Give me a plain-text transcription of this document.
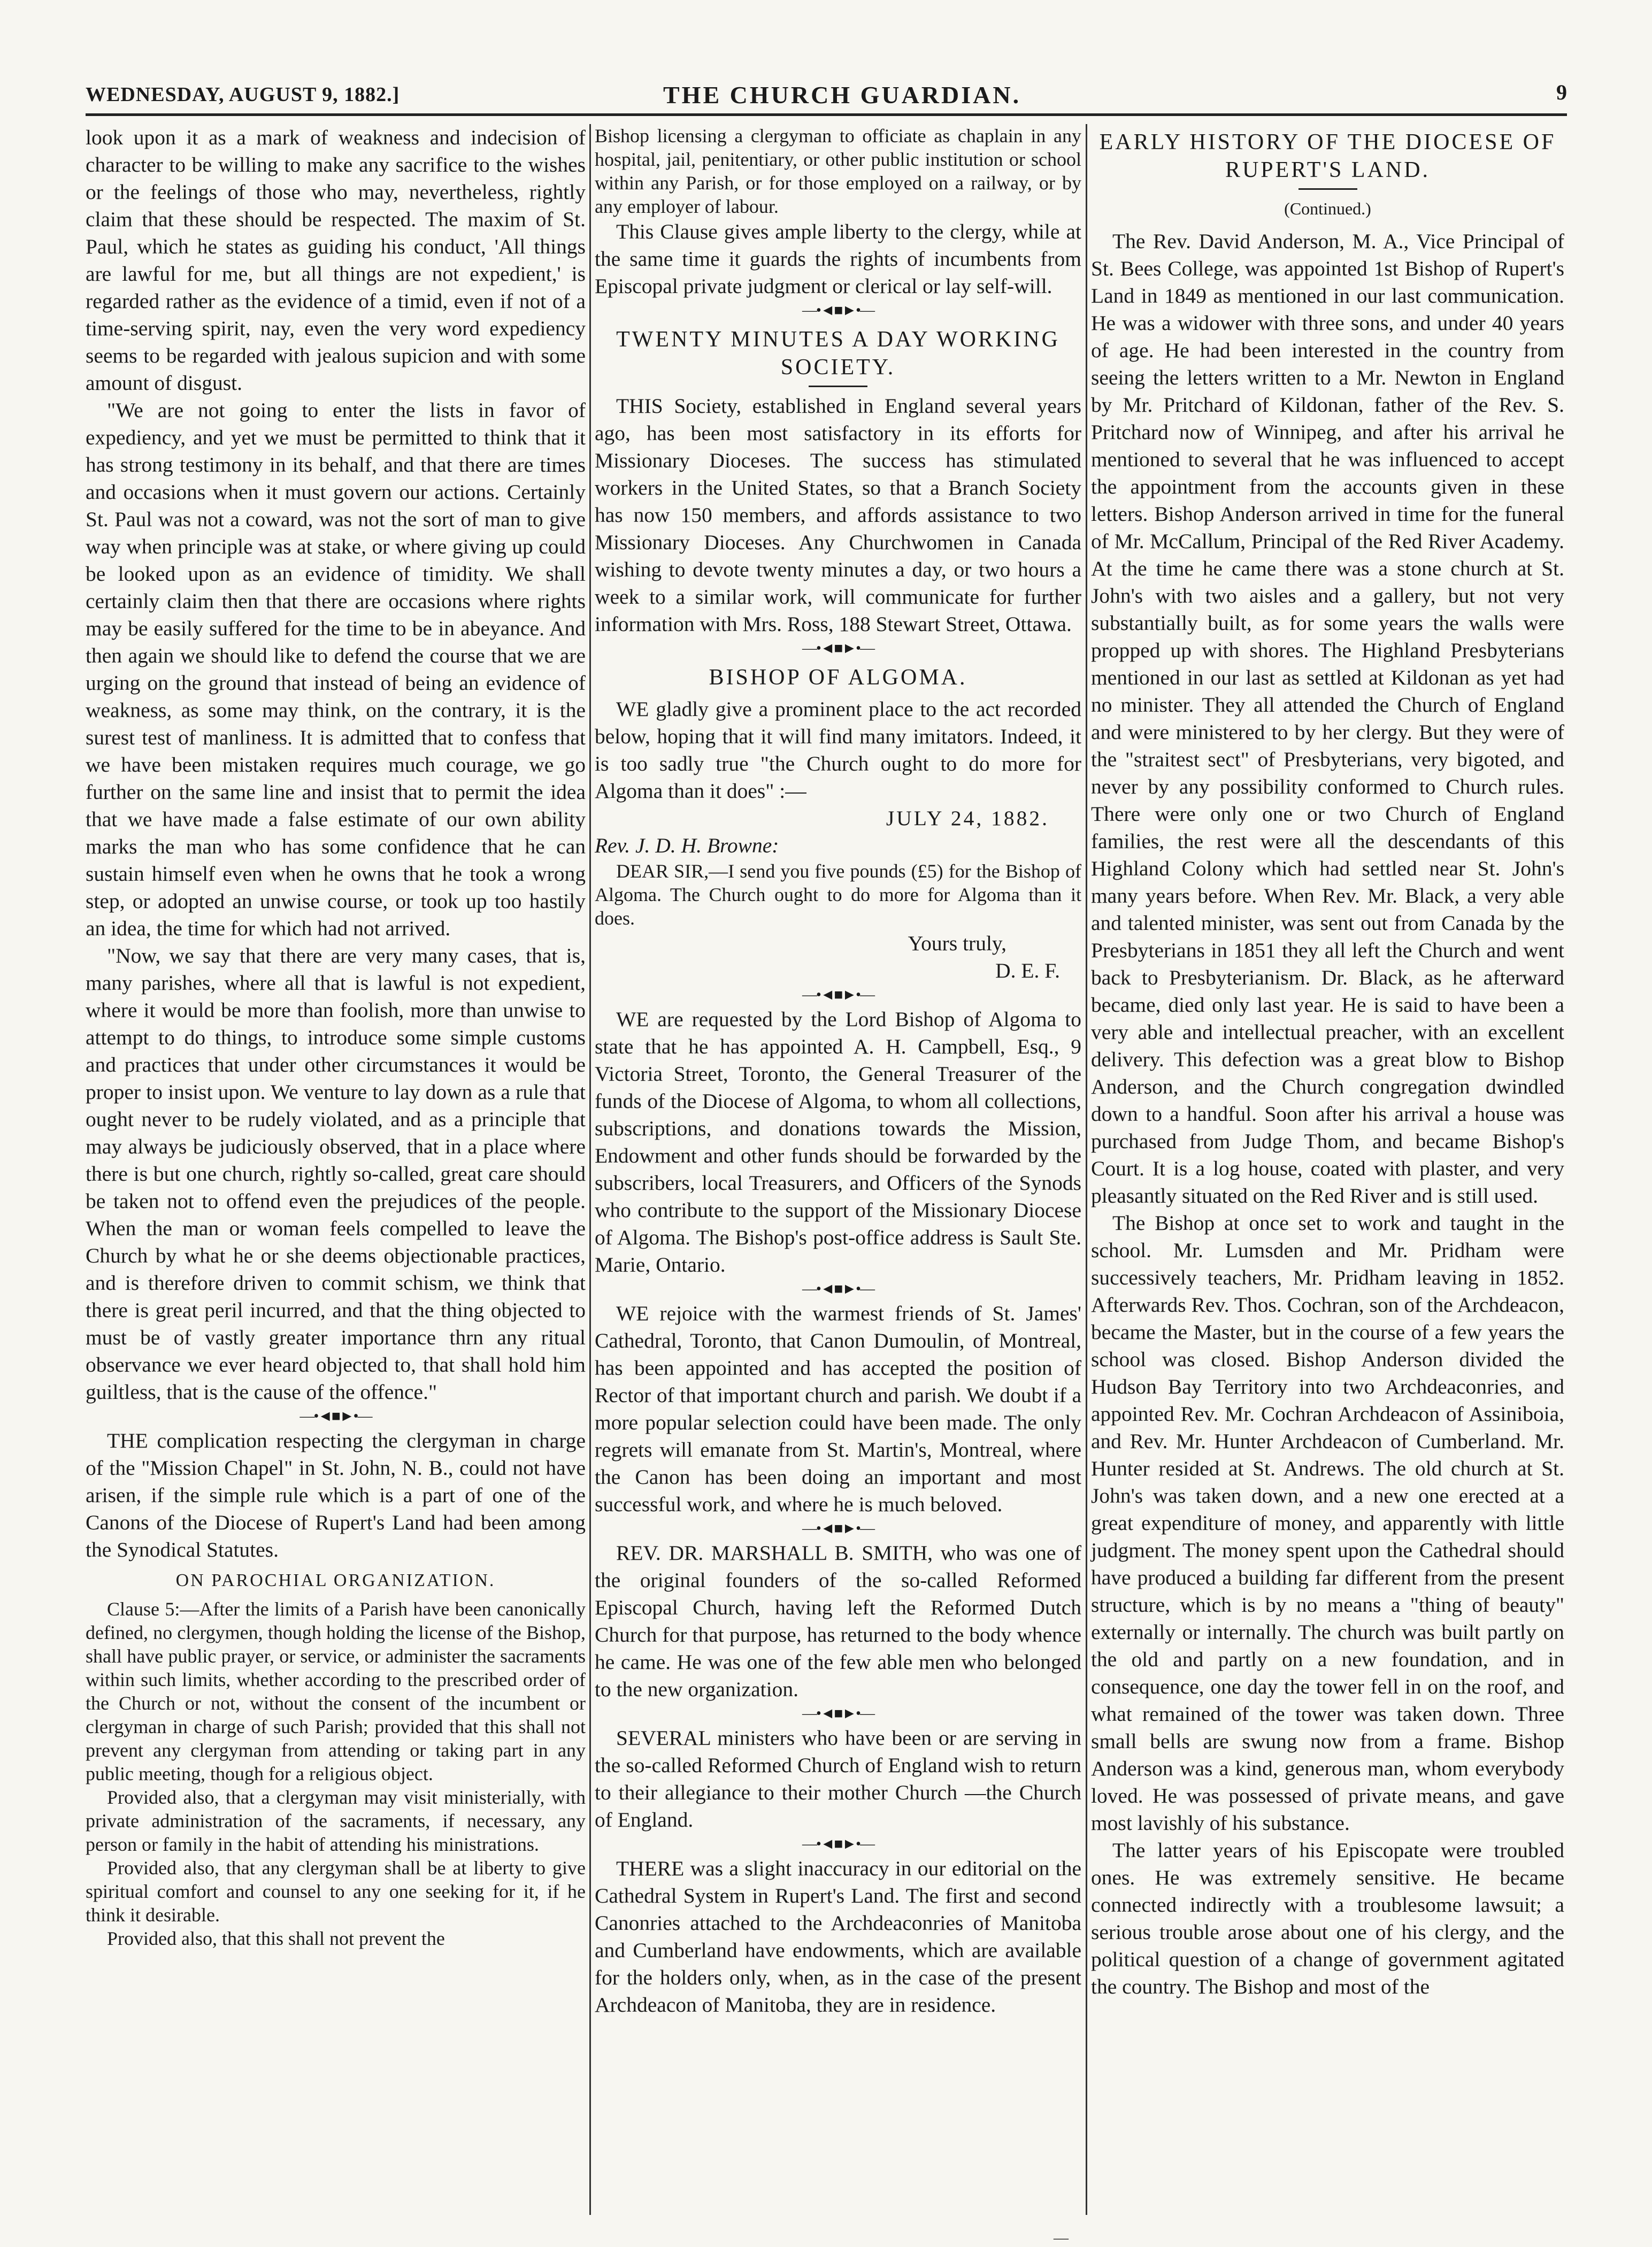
WEDNESDAY, AUGUST 9, 1882.]	THE CHURCH GUARDIAN.	9

look upon it as a mark of weakness and indecision of character to be willing to make any sacrifice to the wishes or the feelings of those who may, nevertheless, rightly claim that these should be respected. The maxim of St. Paul, which he states as guiding his conduct, 'All things are lawful for me, but all things are not expedient,' is regarded rather as the evidence of a timid, even if not of a time-serving spirit, nay, even the very word expediency seems to be regarded with jealous supicion and with some amount of disgust.

"We are not going to enter the lists in favor of expediency, and yet we must be permitted to think that it has strong testimony in its behalf, and that there are times and occasions when it must govern our actions. Certainly St. Paul was not a coward, was not the sort of man to give way when principle was at stake, or where giving up could be looked upon as an evidence of timidity. We shall certainly claim then that there are occasions where rights may be easily suffered for the time to be in abeyance. And then again we should like to defend the course that we are urging on the ground that instead of being an evidence of weakness, as some may think, on the contrary, it is the surest test of manliness. It is admitted that to confess that we have been mistaken requires much courage, we go further on the same line and insist that to permit the idea that we have made a false estimate of our own ability marks the man who has some confidence that he can sustain himself even when he owns that he took a wrong step, or adopted an unwise course, or took up too hastily an idea, the time for which had not arrived.

"Now, we say that there are very many cases, that is, many parishes, where all that is lawful is not expedient, where it would be more than foolish, more than unwise to attempt to do things, to introduce some simple customs and practices that under other circumstances it would be proper to insist upon. We venture to lay down as a rule that ought never to be rudely violated, and as a principle that may always be judiciously observed, that in a place where there is but one church, rightly so-called, great care should be taken not to offend even the prejudices of the people. When the man or woman feels compelled to leave the Church by what he or she deems objectionable practices, and is therefore driven to commit schism, we think that there is great peril incurred, and that the thing objected to must be of vastly greater importance thrn any ritual observance we ever heard objected to, that shall hold him guiltless, that is the cause of the offence."

—•◄■►•—

THE complication respecting the clergyman in charge of the "Mission Chapel" in St. John, N. B., could not have arisen, if the simple rule which is a part of one of the Canons of the Diocese of Rupert's Land had been among the Synodical Statutes.

ON PAROCHIAL ORGANIZATION.

Clause 5:—After the limits of a Parish have been canonically defined, no clergymen, though holding the license of the Bishop, shall have public prayer, or service, or administer the sacraments within such limits, whether according to the prescribed order of the Church or not, without the consent of the incumbent or clergyman in charge of such Parish; provided that this shall not prevent any clergyman from attending or taking part in any public meeting, though for a religious object.

Provided also, that a clergyman may visit ministerially, with private administration of the sacraments, if necessary, any person or family in the habit of attending his ministrations.

Provided also, that any clergyman shall be at liberty to give spiritual comfort and counsel to any one seeking for it, if he think it desirable.

Provided also, that this shall not prevent the

Bishop licensing a clergyman to officiate as chaplain in any hospital, jail, penitentiary, or other public institution or school within any Parish, or for those employed on a railway, or by any employer of labour.

This Clause gives ample liberty to the clergy, while at the same time it guards the rights of incumbents from Episcopal private judgment or clerical or lay self-will.

—•◄■►•—
TWENTY MINUTES A DAY WORKING SOCIETY.

THIS Society, established in England several years ago, has been most satisfactory in its efforts for Missionary Dioceses. The success has stimulated workers in the United States, so that a Branch Society has now 150 members, and affords assistance to two Missionary Dioceses. Any Churchwomen in Canada wishing to devote twenty minutes a day, or two hours a week to a similar work, will communicate for further information with Mrs. Ross, 188 Stewart Street, Ottawa.

—•◄■►•—
BISHOP OF ALGOMA.

WE gladly give a prominent place to the act recorded below, hoping that it will find many imitators. Indeed, it is too sadly true "the Church ought to do more for Algoma than it does" :—

JULY 24, 1882.

Rev. J. D. H. Browne:

DEAR SIR,—I send you five pounds (£5) for the Bishop of Algoma. The Church ought to do more for Algoma than it does.

Yours truly,

D. E. F.

—•◄■►•—

WE are requested by the Lord Bishop of Algoma to state that he has appointed A. H. Campbell, Esq., 9 Victoria Street, Toronto, the General Treasurer of the funds of the Diocese of Algoma, to whom all collections, subscriptions, and donations towards the Mission, Endowment and other funds should be forwarded by the subscribers, local Treasurers, and Officers of the Synods who contribute to the support of the Missionary Diocese of Algoma. The Bishop's post-office address is Sault Ste. Marie, Ontario.

—•◄■►•—

WE rejoice with the warmest friends of St. James' Cathedral, Toronto, that Canon Dumoulin, of Montreal, has been appointed and has accepted the position of Rector of that important church and parish. We doubt if a more popular selection could have been made. The only regrets will emanate from St. Martin's, Montreal, where the Canon has been doing an important and most successful work, and where he is much beloved.

—•◄■►•—

REV. DR. MARSHALL B. SMITH, who was one of the original founders of the so-called Reformed Episcopal Church, having left the Reformed Dutch Church for that purpose, has returned to the body whence he came. He was one of the few able men who belonged to the new organization.

—•◄■►•—

SEVERAL ministers who have been or are serving in the so-called Reformed Church of England wish to return to their allegiance to their mother Church —the Church of England.

—•◄■►•—

THERE was a slight inaccuracy in our editorial on the Cathedral System in Rupert's Land. The first and second Canonries attached to the Archdeaconries of Manitoba and Cumberland have endowments, which are available for the holders only, when, as in the case of the present Archdeacon of Manitoba, they are in residence.

EARLY HISTORY OF THE DIOCESE OF RUPERT'S LAND.
(Continued.)

The Rev. David Anderson, M. A., Vice Principal of St. Bees College, was appointed 1st Bishop of Rupert's Land in 1849 as mentioned in our last communication. He was a widower with three sons, and under 40 years of age. He had been interested in the country from seeing the letters written to a Mr. Newton in England by Mr. Pritchard of Kildonan, father of the Rev. S. Pritchard now of Winnipeg, and after his arrival he mentioned to several that he was influenced to accept the appointment from the accounts given in these letters. Bishop Anderson arrived in time for the funeral of Mr. McCallum, Principal of the Red River Academy. At the time he came there was a stone church at St. John's with two aisles and a gallery, but not very substantially built, as for some years the walls were propped up with shores. The Highland Presbyterians mentioned in our last as settled at Kildonan as yet had no minister. They all attended the Church of England and were ministered to by her clergy. But they were of the "straitest sect" of Presbyterians, very bigoted, and never by any possibility conformed to Church rules. There were only one or two Church of England families, the rest were all the descendants of this Highland Colony which had settled near St. John's many years before. When Rev. Mr. Black, a very able and talented minister, was sent out from Canada by the Presbyterians in 1851 they all left the Church and went back to Presbyterianism. Dr. Black, as he afterward became, died only last year. He is said to have been a very able and intellectual preacher, with an excellent delivery. This defection was a great blow to Bishop Anderson, and the Church congregation dwindled down to a handful. Soon after his arrival a house was purchased from Judge Thom, and became Bishop's Court. It is a log house, coated with plaster, and very pleasantly situated on the Red River and is still used.

The Bishop at once set to work and taught in the school. Mr. Lumsden and Mr. Pridham were successively teachers, Mr. Pridham leaving in 1852. Afterwards Rev. Thos. Cochran, son of the Archdeacon, became the Master, but in the course of a few years the school was closed. Bishop Anderson divided the Hudson Bay Territory into two Archdeaconries, and appointed Rev. Mr. Cochran Archdeacon of Assiniboia, and Rev. Mr. Hunter Archdeacon of Cumberland. Mr. Hunter resided at St. Andrews. The old church at St. John's was taken down, and a new one erected at a great expenditure of money, and apparently with little judgment. The money spent upon the Cathedral should have produced a building far different from the present structure, which is by no means a "thing of beauty" externally or internally. The church was built partly on the old and partly on a new foundation, and in consequence, one day the tower fell in on the roof, and what remained of the tower was taken down. Three small bells are swung now from a frame. Bishop Anderson was a kind, generous man, whom everybody loved. He was possessed of private means, and gave most lavishly of his substance.

The latter years of his Episcopate were troubled ones. He was extremely sensitive. He became connected indirectly with a troublesome lawsuit; a serious trouble arose about one of his clergy, and the political question of a change of government agitated the country. The Bishop and most of the

—
